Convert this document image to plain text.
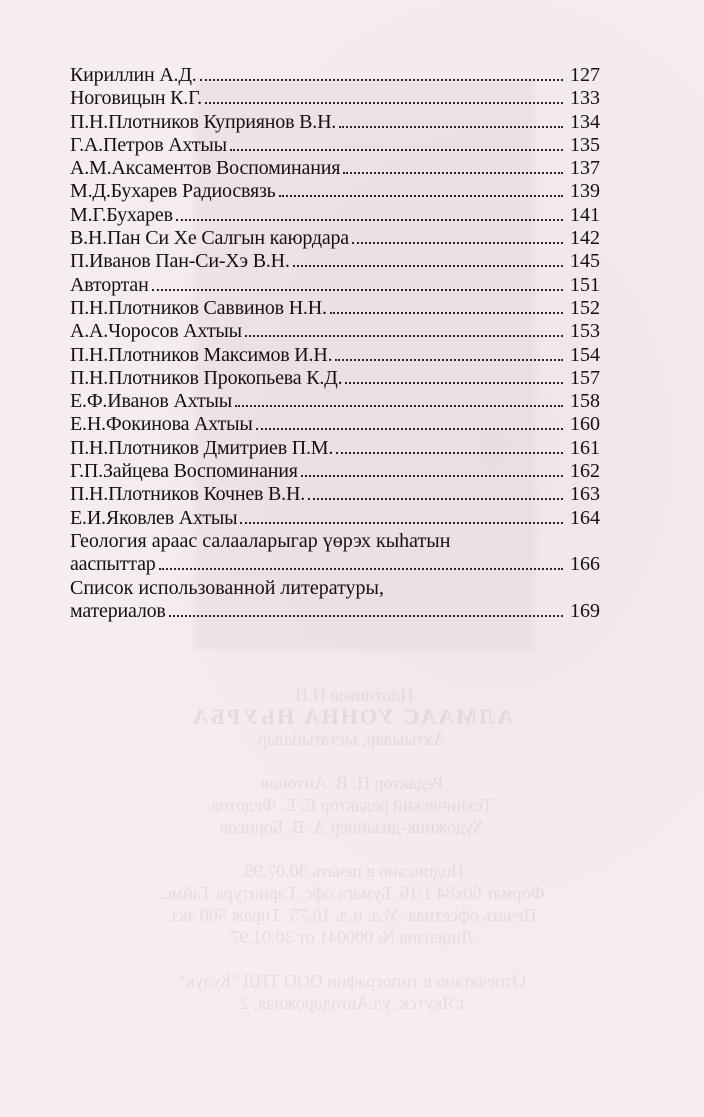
Кириллин А.Д.	127
Ноговицын К.Г.	133
П.Н.Плотников Куприянов В.Н.	134
Г.А.Петров Ахтыы	135
А.М.Аксаментов Воспоминания	137
М.Д.Бухарев Радиосвязь	139
М.Г.Бухарев	141
В.Н.Пан Си Хе Салгын каюрдара	142
П.Иванов Пан-Си-Хэ В.Н.	145
Автортан	151
П.Н.Плотников Саввинов Н.Н.	152
А.А.Чоросов Ахтыы	153
П.Н.Плотников Максимов И.Н.	154
П.Н.Плотников Прокопьева К.Д.	157
Е.Ф.Иванов Ахтыы	158
Е.Н.Фокинова Ахтыы	160
П.Н.Плотников Дмитриев П.М.	161
Г.П.Зайцева Воспоминания	162
П.Н.Плотников Кочнев В.Н.	163
Е.И.Яковлев Ахтыы	164
Геология араас салааларыгар үөрэх кыһатын
ааспыттар	166
Список использованной литературы,
материалов	169
Плотников П.Н.
АЛМААС УОННА НЬУРБА
Ахтыылар, ыстатыйалар
Редактор П. В. Антонов
Технический редактор Е. Е. Федотов
Художник-дизайнер А. В. Борисов
Подписано в печать 30.07.99.
Формат 60х84 1/16. Бумага офс. Гарнитура Таймс.
Печать офсетная. Усл. п.л. 10,75. Тираж 500 экз.
Лицензия № 000041 от 30.01.97
Отпечатано в типографии ООО ТНД "Кудук"
г.Якутск, ул.Автодорожная, 2
